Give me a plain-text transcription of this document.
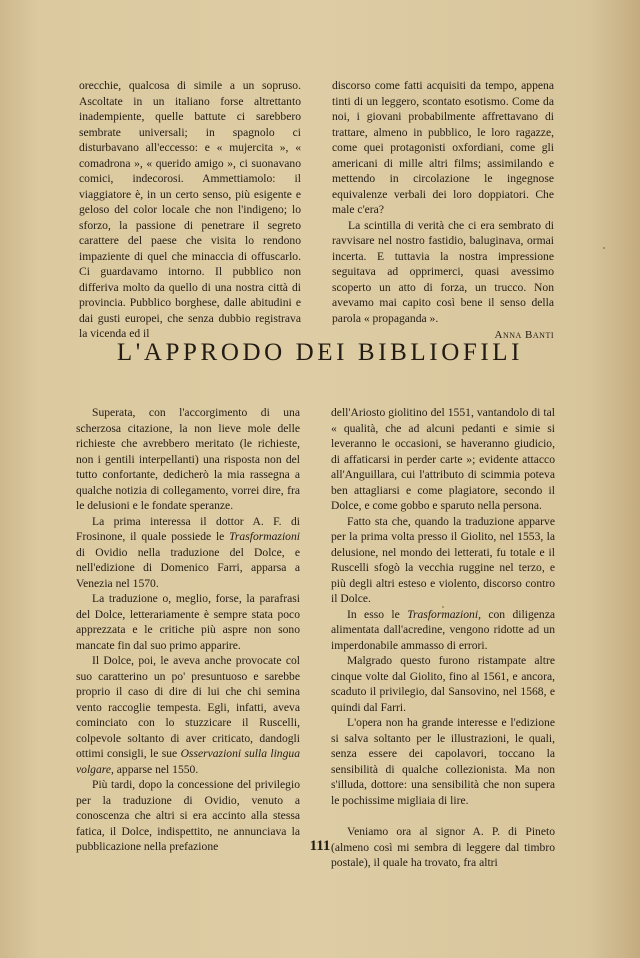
orecchie, qualcosa di simile a un sopruso. Ascoltate in un italiano forse altrettanto inadempiente, quelle battute ci sarebbero sembrate universali; in spagnolo ci disturbavano all'eccesso: e « mujercita », « comadrona », « querido amigo », ci suonavano comici, indecorosi. Ammettiamolo: il viaggiatore è, in un certo senso, più esigente e geloso del color locale che non l'indigeno; lo sforzo, la passione di penetrare il segreto carattere del paese che visita lo rendono impaziente di quel che minaccia di offuscarlo. Ci guardavamo intorno. Il pubblico non differiva molto da quello di una nostra città di provincia. Pubblico borghese, dalle abitudini e dai gusti europei, che senza dubbio registrava la vicenda ed il

discorso come fatti acquisiti da tempo, appena tinti di un leggero, scontato esotismo. Come da noi, i giovani probabilmente affrettavano di trattare, almeno in pubblico, le loro ragazze, come quei protagonisti oxfordiani, come gli americani di mille altri films; assimilando e mettendo in circolazione le ingegnose equivalenze verbali dei loro doppiatori. Che male c'era?

La scintilla di verità che ci era sembrato di ravvisare nel nostro fastidio, baluginava, ormai incerta. E tuttavia la nostra impressione seguitava ad opprimerci, quasi avessimo scoperto un atto di forza, un trucco. Non avevamo mai capito così bene il senso della parola « propaganda ».

Anna Banti
L'APPRODO DEI BIBLIOFILI

Superata, con l'accorgimento di una scherzosa citazione, la non lieve mole delle richieste che avrebbero meritato (le richieste, non i gentili interpellanti) una risposta non del tutto confortante, dedicherò la mia rassegna a qualche notizia di collegamento, vorrei dire, fra le delusioni e le fondate speranze.

La prima interessa il dottor A. F. di Frosinone, il quale possiede le Trasformazioni di Ovidio nella traduzione del Dolce, e nell'edizione di Domenico Farri, apparsa a Venezia nel 1570.

La traduzione o, meglio, forse, la parafrasi del Dolce, letterariamente è sempre stata poco apprezzata e le critiche più aspre non sono mancate fin dal suo primo apparire.

Il Dolce, poi, le aveva anche provocate col suo caratterino un po' presuntuoso e sarebbe proprio il caso di dire di lui che chi semina vento raccoglie tempesta. Egli, infatti, aveva cominciato con lo stuzzicare il Ruscelli, colpevole soltanto di aver criticato, dandogli ottimi consigli, le sue Osservazioni sulla lingua volgare, apparse nel 1550.

Più tardi, dopo la concessione del privilegio per la traduzione di Ovidio, venuto a conoscenza che altri si era accinto alla stessa fatica, il Dolce, indispettito, ne annunciava la pubblicazione nella prefazione

dell'Ariosto giolitino del 1551, vantandolo di tal « qualità, che ad alcuni pedanti e simie si leveranno le occasioni, se haveranno giudicio, di affaticarsi in perder carte »; evidente attacco all'Anguillara, cui l'attributo di scimmia poteva ben attagliarsi e come plagiatore, secondo il Dolce, e come gobbo e sparuto nella persona.

Fatto sta che, quando la traduzione apparve per la prima volta presso il Giolito, nel 1553, la delusione, nel mondo dei letterati, fu totale e il Ruscelli sfogò la vecchia ruggine nel terzo, e più degli altri esteso e violento, discorso contro il Dolce.

In esso le Trasformazioni, con diligenza alimentata dall'acredine, vengono ridotte ad un imperdonabile ammasso di errori.

Malgrado questo furono ristampate altre cinque volte dal Giolito, fino al 1561, e ancora, scaduto il privilegio, dal Sansovino, nel 1568, e quindi dal Farri.

L'opera non ha grande interesse e l'edizione si salva soltanto per le illustrazioni, le quali, senza essere dei capolavori, toccano la sensibilità di qualche collezionista. Ma non s'illuda, dottore: una sensibilità che non supera le pochissime migliaia di lire.

Veniamo ora al signor A. P. di Pineto (almeno così mi sembra di leggere dal timbro postale), il quale ha trovato, fra altri

111
